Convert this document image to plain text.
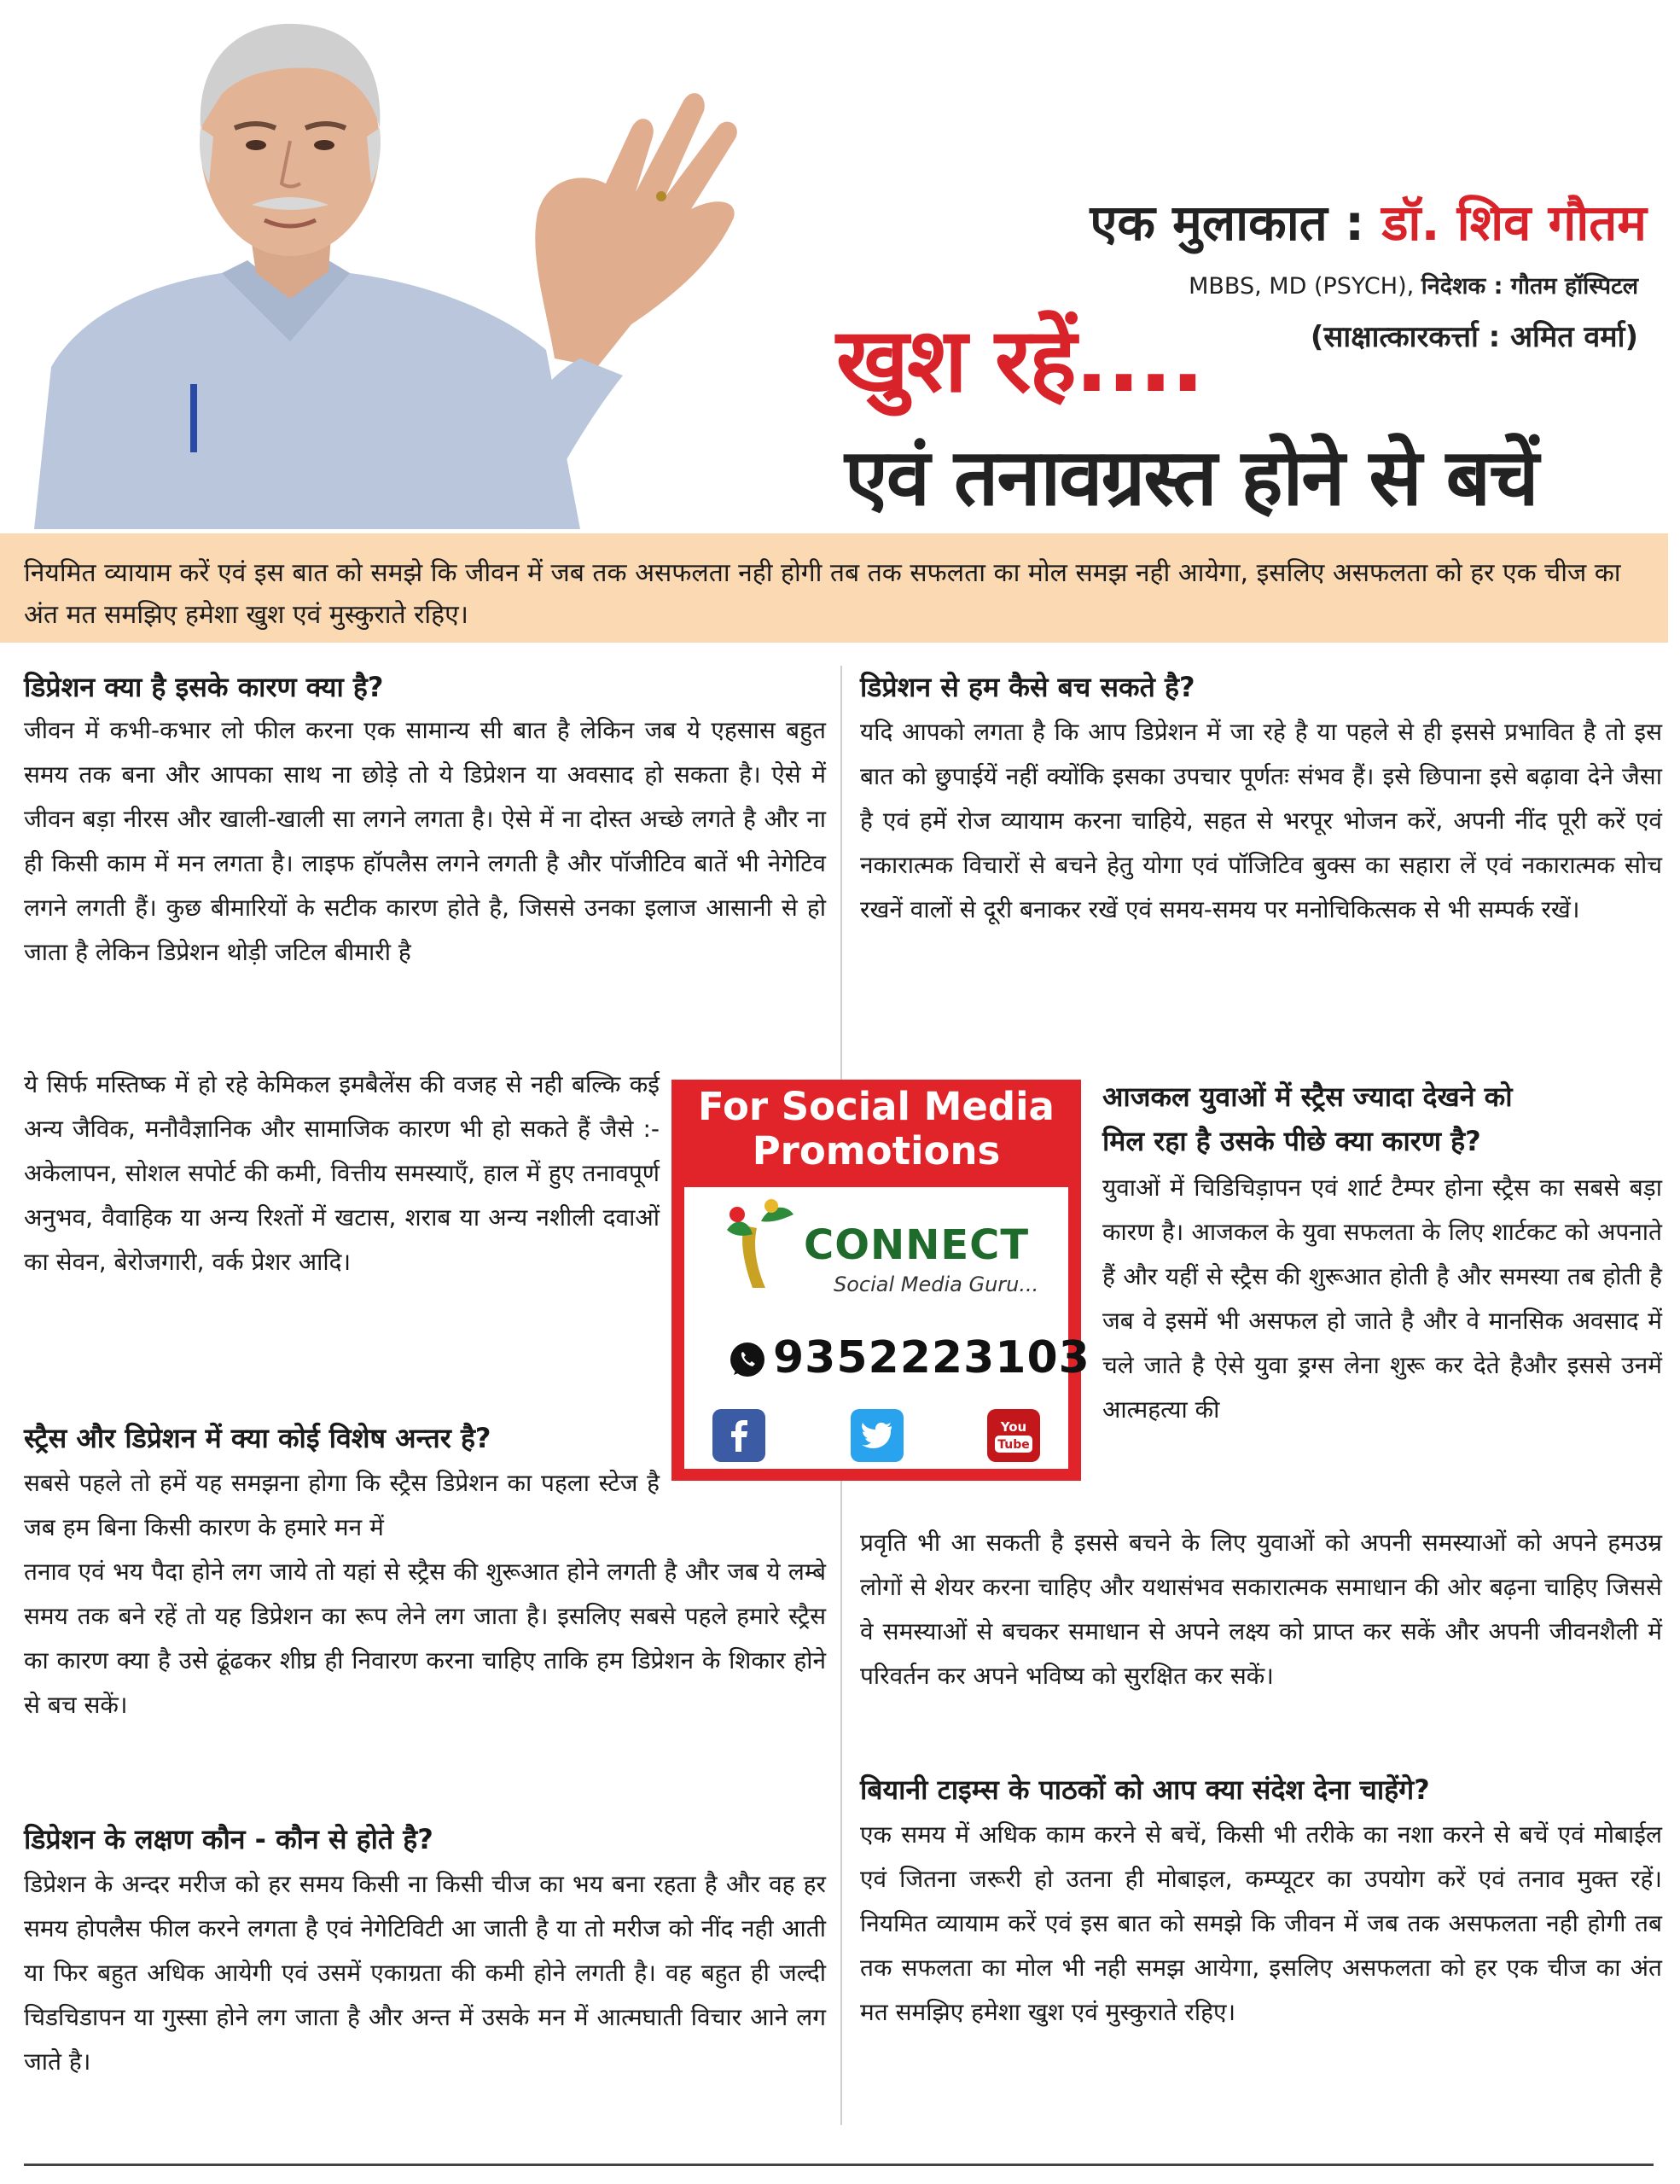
एक मुलाकात : डॉ. शिव गौतम
MBBS, MD (PSYCH), निदेशक : गौतम हॉस्पिटल
(साक्षात्कारकर्त्ता : अमित वर्मा)
खुश रहें....
एवं तनावग्रस्त होने से बचें
नियमित व्यायाम करें एवं इस बात को समझे कि जीवन में जब तक असफलता नही होगी तब तक सफलता का मोल समझ नही आयेगा, इसलिए असफलता को हर एक चीज का अंत मत समझिए हमेशा खुश एवं मुस्कुराते रहिए।
डिप्रेशन क्या है इसके कारण क्या है?

जीवन में कभी-कभार लो फील करना एक सामान्य सी बात है लेकिन जब ये एहसास बहुत समय तक बना और आपका साथ ना छोड़े तो ये डिप्रेशन या अवसाद हो सकता है। ऐसे में जीवन बड़ा नीरस और खाली-खाली सा लगने लगता है। ऐसे में ना दोस्त अच्छे लगते है और ना ही किसी काम में मन लगता है। लाइफ हॉपलैस लगने लगती है और पॉजीटिव बातें भी नेगेटिव लगने लगती हैं। कुछ बीमारियों के सटीक कारण होते है, जिससे उनका इलाज आसानी से हो जाता है लेकिन डिप्रेशन थोड़ी जटिल बीमारी है

ये सिर्फ मस्तिष्क में हो रहे केमिकल इमबैलेंस की वजह से नही बल्कि कई अन्य जैविक, मनौवैज्ञानिक और सामाजिक कारण भी हो सकते हैं जैसे :- अकेलापन, सोशल सपोर्ट की कमी, वित्तीय समस्याएँ, हाल में हुए तनावपूर्ण अनुभव, वैवाहिक या अन्य रिश्तों में खटास, शराब या अन्य नशीली दवाओं का सेवन, बेरोजगारी, वर्क प्रेशर आदि।

स्ट्रैस और डिप्रेशन में क्या कोई विशेष अन्तर है?

सबसे पहले तो हमें यह समझना होगा कि स्ट्रैस डिप्रेशन का पहला स्टेज है जब हम बिना किसी कारण के हमारे मन में

तनाव एवं भय पैदा होने लग जाये तो यहां से स्ट्रैस की शुरूआत होने लगती है और जब ये लम्बे समय तक बने रहें तो यह डिप्रेशन का रूप लेने लग जाता है। इसलिए सबसे पहले हमारे स्ट्रैस का कारण क्या है उसे ढूंढकर शीघ्र ही निवारण करना चाहिए ताकि हम डिप्रेशन के शिकार होने से बच सकें।

डिप्रेशन के लक्षण कौन - कौन से होते है?

डिप्रेशन के अन्दर मरीज को हर समय किसी ना किसी चीज का भय बना रहता है और वह हर समय होपलैस फील करने लगता है एवं नेगेटिविटी आ जाती है या तो मरीज को नींद नही आती या फिर बहुत अधिक आयेगी एवं उसमें एकाग्रता की कमी होने लगती है। वह बहुत ही जल्दी चिडचिडापन या गुस्सा होने लग जाता है और अन्त में उसके मन में आत्मघाती विचार आने लग जाते है।

डिप्रेशन से हम कैसे बच सकते है?

यदि आपको लगता है कि आप डिप्रेशन में जा रहे है या पहले से ही इससे प्रभावित है तो इस बात को छुपाईयें नहीं क्योंकि इसका उपचार पूर्णतः संभव हैं। इसे छिपाना इसे बढ़ावा देने जैसा है एवं हमें रोज व्यायाम करना चाहिये, सहत से भरपूर भोजन करें, अपनी नींद पूरी करें एवं नकारात्मक विचारों से बचने हेतु योगा एवं पॉजिटिव बुक्स का सहारा लें एवं नकारात्मक सोच रखनें वालों से दूरी बनाकर रखें एवं समय-समय पर मनोचिकित्सक से भी सम्पर्क रखें।

आजकल युवाओं में स्ट्रैस ज्यादा देखने को
मिल रहा है उसके पीछे क्या कारण है?

युवाओं में चिडिचिड़ापन एवं शार्ट टैम्पर होना स्ट्रैस का सबसे बड़ा कारण है। आजकल के युवा सफलता के लिए शार्टकट को अपनाते हैं और यहीं से स्ट्रैस की शुरूआत होती है और समस्या तब होती है जब वे इसमें भी असफल हो जाते है और वे मानसिक अवसाद में चले जाते है ऐसे युवा ड्रग्स लेना शुरू कर देते हैऔर इससे उनमें आत्महत्या की

प्रवृति भी आ सकती है इससे बचने के लिए युवाओं को अपनी समस्याओं को अपने हमउम्र लोगों से शेयर करना चाहिए और यथासंभव सकारात्मक समाधान की ओर बढ़ना चाहिए जिससे वे समस्याओं से बचकर समाधान से अपने लक्ष्य को प्राप्त कर सकें और अपनी जीवनशैली में परिवर्तन कर अपने भविष्य को सुरक्षित कर सकें।

बियानी टाइम्स के पाठकों को आप क्या संदेश देना चाहेंगे?

एक समय में अधिक काम करने से बचें, किसी भी तरीके का नशा करने से बचें एवं मोबाईल एवं जितना जरूरी हो उतना ही मोबाइल, कम्प्यूटर का उपयोग करें एवं तनाव मुक्त रहें। नियमित व्यायाम करें एवं इस बात को समझे कि जीवन में जब तक असफलता नही होगी तब तक सफलता का मोल भी नही समझ आयेगा, इसलिए असफलता को हर एक चीज का अंत मत समझिए हमेशा खुश एवं मुस्कुराते रहिए।

For Social Media
Promotions
CONNECT
Social Media Guru...
9352223103
You
Tube
